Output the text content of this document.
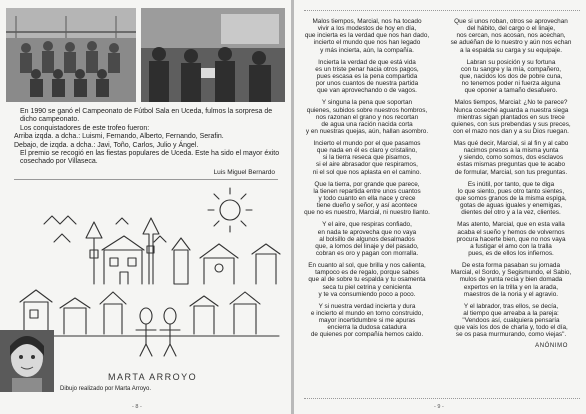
En 1990 se ganó el Campeonato de Fútbol Sala en Uceda, fulmos la sorpresa de dicho campeonato.

Los conquistadores de este trofeo fueron:

Arriba izqda. a dcha.: Luismi, Fernando, Alberto, Fernando, Serafin.

Debajo, de izqda. a dcha.: Javi, Toño, Carlos, Julio y Ángel.

El premio se recogió en las fiestas populares de Uceda. Este ha sido el mayor éxito cosechado por Villaseca.

Luis Miguel Bernardo
MARTA ARROYO
Dibujo realizado por Marta Arroyo.
- 8 -
Malos tiempos, Marcial, nos ha tocado
vivir a los modestos de hoy en día,
que incierta es la verdad que nos han dado,
incierto el mundo que nos han legado
y más incierta, aún, la compañía.
Incierta la verdad de que está vida
es un triste penar hacia otros pagos,
pues escasa es la pena compartida
por unos cuantos de nuestra partida
que van aprovechando o de vagos.
Y singuna la pena que soportan
quienes, subidos sobre nuestros hombros,
nos razonan el grano y nos recortan
de agua una ración nacida corta
y en nuestras quejas, aún, hallan asombro.
Incierto el mundo por el que pasamos
que nada en él es claro y cristalino,
si la tierra reseca que pisamos,
si el aire abrasador que respiramos,
ni el sol que nos aplasta en el camino.
Que la tierra, por grande que parece,
la tienen repartida entre unos cuantos
y todo cuanto en ella nace y crece
tiene dueño y señor, y así acontece
que no es nuestro, Marcial, ni nuestro llanto.
Y el aire, que respiras confiado,
en nada te aprovecha que no vaya
al bolsillo de algunos desalmados
que, a lomos del linaje y del pasado,
cobran es oro y pagan con morralla.
En cuanto al sol, que brilla y nos calienta,
tampoco es de regalo, porque sabes
que al de sobre tu espalda y tu osamenta
seca tu piel cetrina y cenicienta
y te va consumiendo poco a poco.
Y si nuestra verdad incierta y dura
e incierto el mundo en torno construido,
mayor incertidumbre si me apuras
encierra la dudosa catadura
de quienes por compañía hemos caído.
Que si unos roban, otros se aprovechan
del hábito, del cargo o el linaje,
nos cercan, nos acosan, nos acechan,
se aduéñan de lo nuestro y aún nos echan
a la espalda su carga y su equipaje.
Labran su posición y su fortuna
con tu sangre y la mía, compañero,
que, nacidos los dos de pobre cuna,
no tenemos poder ni fuerza alguna
que oponer a tamaño desafuero.
Malos tiempos, Marcial: ¿No te parece?
Nunca coseché aguarda a nuestra siega
mientras sigan plantados en sus trece
quienes, con sus prebendas y sus preces,
con el mazo nos dan y a su Dios ruegan.
Mas qué decir, Marcial, si al fin y al cabo
nacimos presos a la misma yunta
y siendo, como somos, dos esclavos
estas mismas preguntas que te acabo
de formular, Marcial, son tus preguntas.
Es inútil, por tanto, que te diga
lo que siento, pues otro tanto sientes,
que somos granos de la misma espiga,
gotas de aguas iguales y enemigas,
dientes del otro y a la vez, clientes.
Mas atento, Marcial, que en esta valla
acaba el sueño y hemos de volvernos
procura hacerte bien, que no nos vaya
a fustigar el amo con la tralla
pues, es de ellos los infiernos.
De esta forma pasaban su jornada
Marcial, el Sordo, y Segismundo, el Sabio,
mulos de yunta recia y bien domada
expertos en la trilla y en la arada,
maestros de la noria y el agravio.
Y el labrador, tras ellos, se decía,
al tiempo que arreaba a la pareja:
"Vendoos así, cualquiera pensaría
que vais los dos de charla y, todo el día,
se os pasa murmurando, como viejas".
ANÓNIMO
- 9 -
